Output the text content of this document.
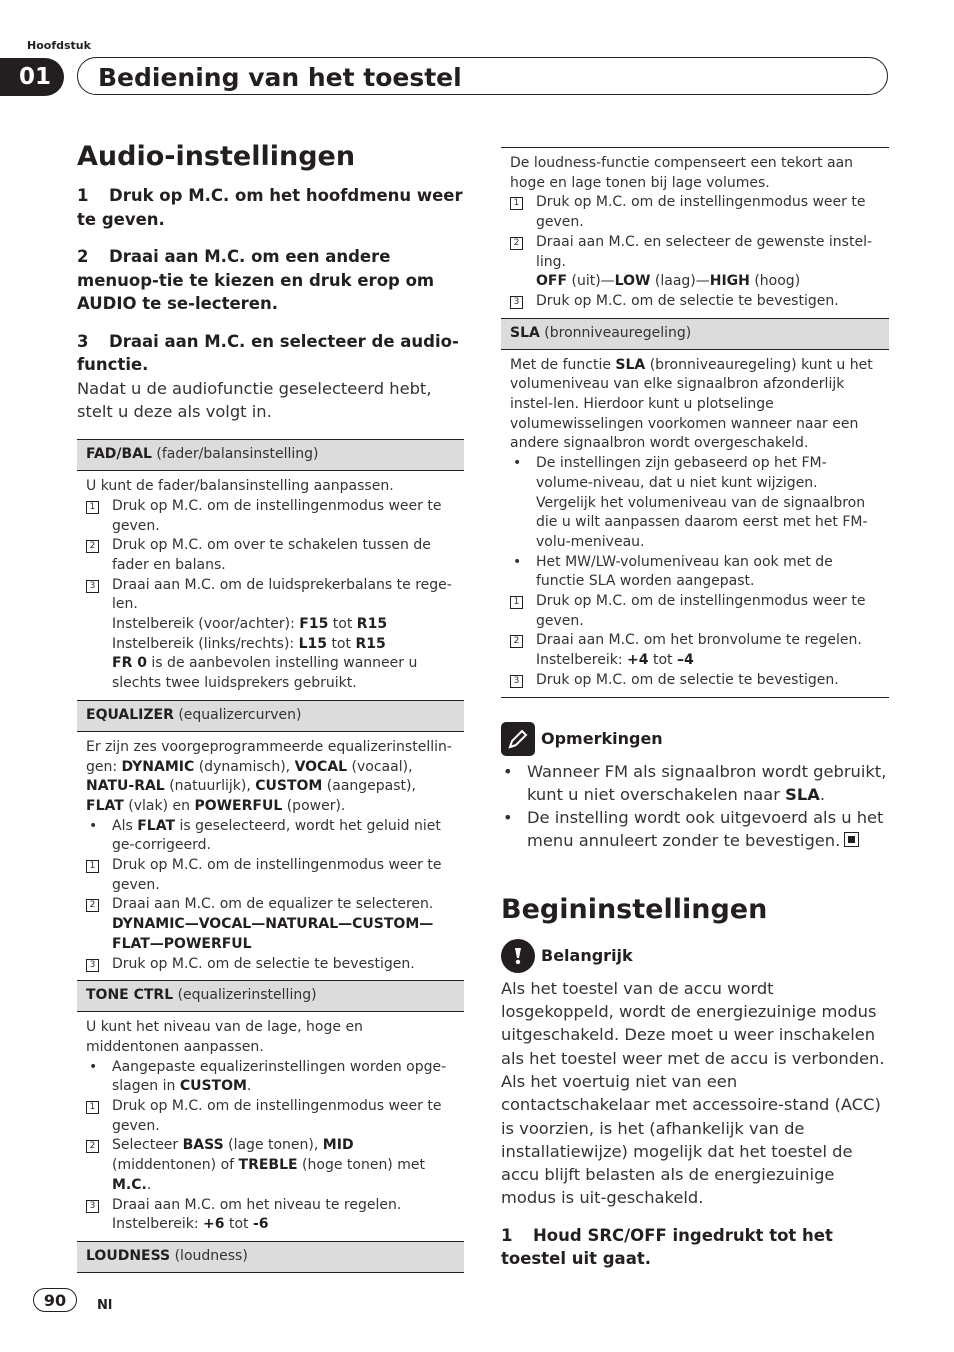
Hoofdstuk
01	Bediening van het toestel
Audio-instellingen

1 Druk op M.C. om het hoofdmenu weer te geven.

2 Draai aan M.C. om een andere menuop-tie te kiezen en druk erop om AUDIO te se-lecteren.

3 Draai aan M.C. en selecteer de audio-functie.

Nadat u de audiofunctie geselecteerd hebt, stelt u deze als volgt in.

FAD/BAL (fader/balansinstelling)

U kunt de fader/balansinstelling aanpassen.

1 Druk op M.C. om de instellingenmodus weer te geven.
2 Druk op M.C. om over te schakelen tussen de fader en balans.
3 Draai aan M.C. om de luidsprekerbalans te rege-len.
Instelbereik (voor/achter): F15 tot R15
Instelbereik (links/rechts): L15 tot R15
FR 0 is de aanbevolen instelling wanneer u slechts twee luidsprekers gebruikt.
EQUALIZER (equalizercurven)

Er zijn zes voorgeprogrammeerde equalizerinstellin-gen: DYNAMIC (dynamisch), VOCAL (vocaal), NATU-RAL (natuurlijk), CUSTOM (aangepast), FLAT (vlak) en POWERFUL (power).

• Als FLAT is geselecteerd, wordt het geluid niet ge-corrigeerd.
1 Druk op M.C. om de instellingenmodus weer te geven.
2 Draai aan M.C. om de equalizer te selecteren.
DYNAMIC—VOCAL—NATURAL—CUSTOM—FLAT—POWERFUL
3 Druk op M.C. om de selectie te bevestigen.
TONE CTRL (equalizerinstelling)

U kunt het niveau van de lage, hoge en middentonen aanpassen.

• Aangepaste equalizerinstellingen worden opge-slagen in CUSTOM.
1 Druk op M.C. om de instellingenmodus weer te geven.
2 Selecteer BASS (lage tonen), MID (middentonen) of TREBLE (hoge tonen) met M.C..
3 Draai aan M.C. om het niveau te regelen.
Instelbereik: +6 tot -6
LOUDNESS (loudness)

De loudness-functie compenseert een tekort aan hoge en lage tonen bij lage volumes.

1 Druk op M.C. om de instellingenmodus weer te geven.
2 Draai aan M.C. en selecteer de gewenste instel-ling.
OFF (uit)—LOW (laag)—HIGH (hoog)
3 Druk op M.C. om de selectie te bevestigen.
SLA (bronniveauregeling)

Met de functie SLA (bronniveauregeling) kunt u het volumeniveau van elke signaalbron afzonderlijk instel-len. Hierdoor kunt u plotselinge volumewisselingen voorkomen wanneer naar een andere signaalbron wordt overgeschakeld.

• De instellingen zijn gebaseerd op het FM-volume-niveau, dat u niet kunt wijzigen.
Vergelijk het volumeniveau van de signaalbron die u wilt aanpassen daarom eerst met het FM-volu-meniveau.
• Het MW/LW-volumeniveau kan ook met de functie SLA worden aangepast.
1 Druk op M.C. om de instellingenmodus weer te geven.
2 Draai aan M.C. om het bronvolume te regelen.
Instelbereik: +4 tot –4
3 Druk op M.C. om de selectie te bevestigen.
Opmerkingen
• Wanneer FM als signaalbron wordt gebruikt, kunt u niet overschakelen naar SLA.
• De instelling wordt ook uitgevoerd als u het menu annuleert zonder te bevestigen.
Begininstellingen
Belangrijk

Als het toestel van de accu wordt losgekoppeld, wordt de energiezuinige modus uitgeschakeld. Deze moet u weer inschakelen als het toestel weer met de accu is verbonden. Als het voertuig niet van een contactschakelaar met accessoire-stand (ACC) is voorzien, is het (afhankelijk van de installatiewijze) mogelijk dat het toestel de accu blijft belasten als de energiezuinige modus is uit-geschakeld.

1 Houd SRC/OFF ingedrukt tot het toestel uit gaat.

90	Nl
